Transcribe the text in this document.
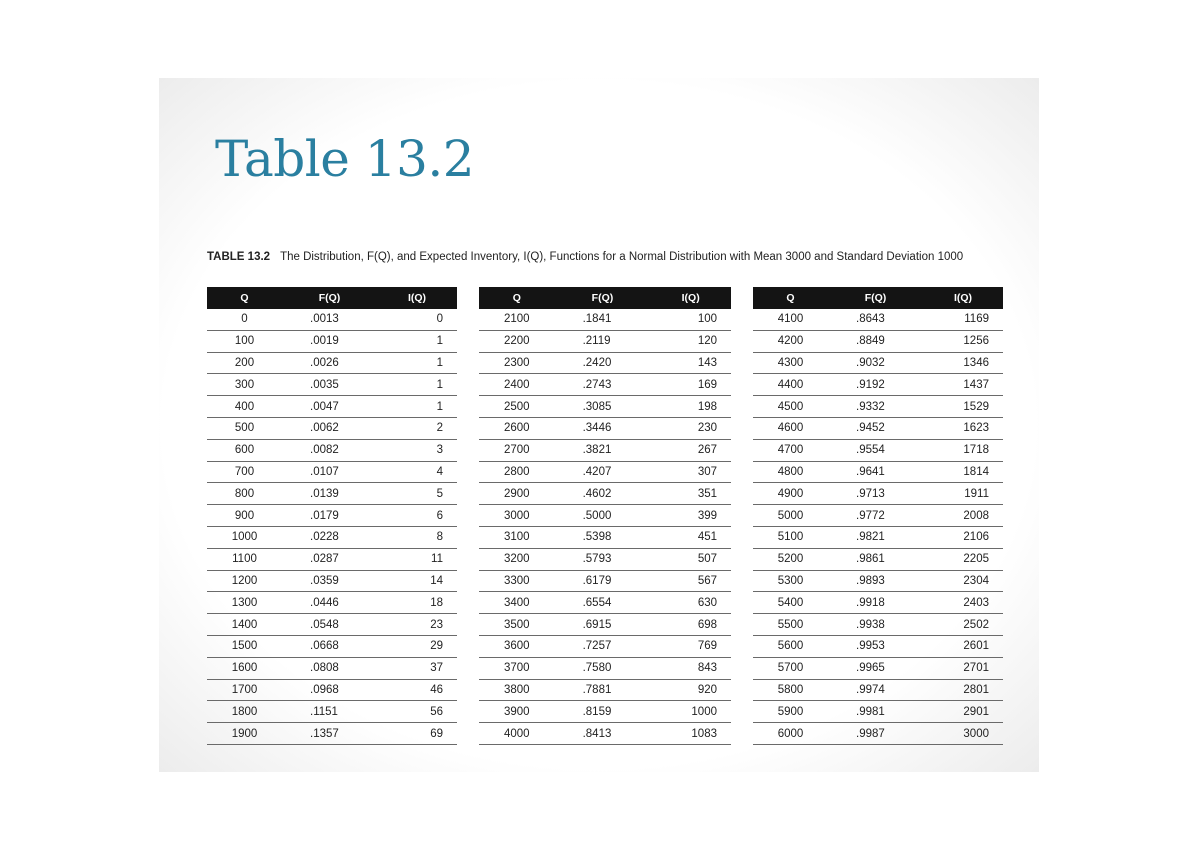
Table 13.2
TABLE 13.2 The Distribution, F(Q), and Expected Inventory, I(Q), Functions for a Normal Distribution with Mean 3000 and Standard Deviation 1000
Q	F(Q)	I(Q)
0	.0013	0
100	.0019	1
200	.0026	1
300	.0035	1
400	.0047	1
500	.0062	2
600	.0082	3
700	.0107	4
800	.0139	5
900	.0179	6
1000	.0228	8
1100	.0287	11
1200	.0359	14
1300	.0446	18
1400	.0548	23
1500	.0668	29
1600	.0808	37
1700	.0968	46
1800	.1151	56
1900	.1357	69
Q	F(Q)	I(Q)
2100	.1841	100
2200	.2119	120
2300	.2420	143
2400	.2743	169
2500	.3085	198
2600	.3446	230
2700	.3821	267
2800	.4207	307
2900	.4602	351
3000	.5000	399
3100	.5398	451
3200	.5793	507
3300	.6179	567
3400	.6554	630
3500	.6915	698
3600	.7257	769
3700	.7580	843
3800	.7881	920
3900	.8159	1000
4000	.8413	1083
Q	F(Q)	I(Q)
4100	.8643	1169
4200	.8849	1256
4300	.9032	1346
4400	.9192	1437
4500	.9332	1529
4600	.9452	1623
4700	.9554	1718
4800	.9641	1814
4900	.9713	1911
5000	.9772	2008
5100	.9821	2106
5200	.9861	2205
5300	.9893	2304
5400	.9918	2403
5500	.9938	2502
5600	.9953	2601
5700	.9965	2701
5800	.9974	2801
5900	.9981	2901
6000	.9987	3000
